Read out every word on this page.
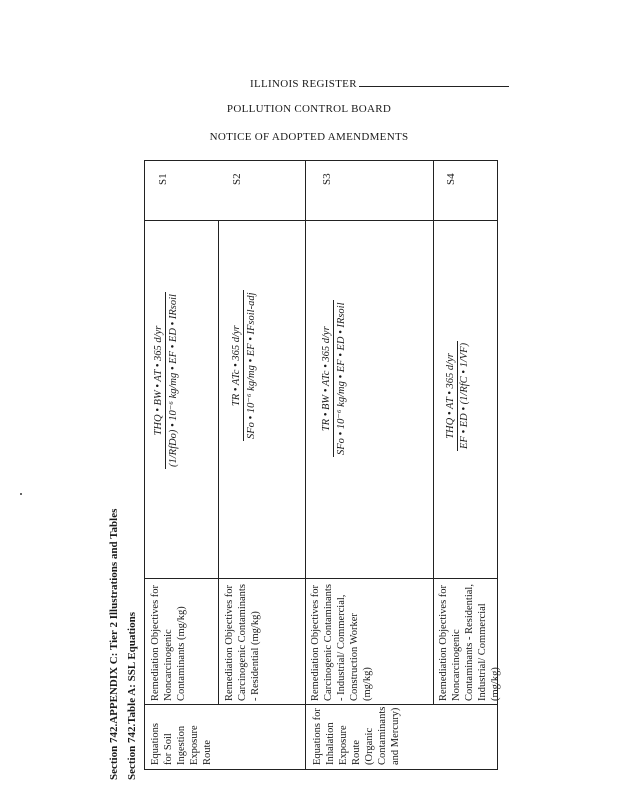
ILLINOIS REGISTER
POLLUTION CONTROL BOARD
NOTICE OF ADOPTED AMENDMENTS
Section 742.APPENDIX C: Tier 2 Illustrations and Tables Section 742.Table A: SSL Equations Equations for Soil Ingestion Exposure Route	Equations for Inhalation Exposure Route (Organic Contaminants and Mercury)
Remediation Objectives for Noncarcinogenic Contaminants (mg/kg)
THQ • BW • AT • 365 d/yr (1/RfDo) • 10⁻⁶ kg/mg • EF • ED • IRsoil
S1
Remediation Objectives for Carcinogenic Contaminants - Residential (mg/kg)
TR • ATc • 365 d/yr SFo • 10⁻⁶ kg/mg • EF • IFsoil-adj
S2
Remediation Objectives for Carcinogenic Contaminants - Industrial/ Commercial, Construction Worker (mg/kg)
TR • BW • ATc • 365 d/yr SFo • 10⁻⁶ kg/mg • EF • ED • IRsoil
S3
Remediation Objectives for Noncarcinogenic Contaminants - Residential, Industrial/ Commercial (mg/kg)
THQ • AT • 365 d/yr EF • ED • (1/RfC • 1/VF)
S4
